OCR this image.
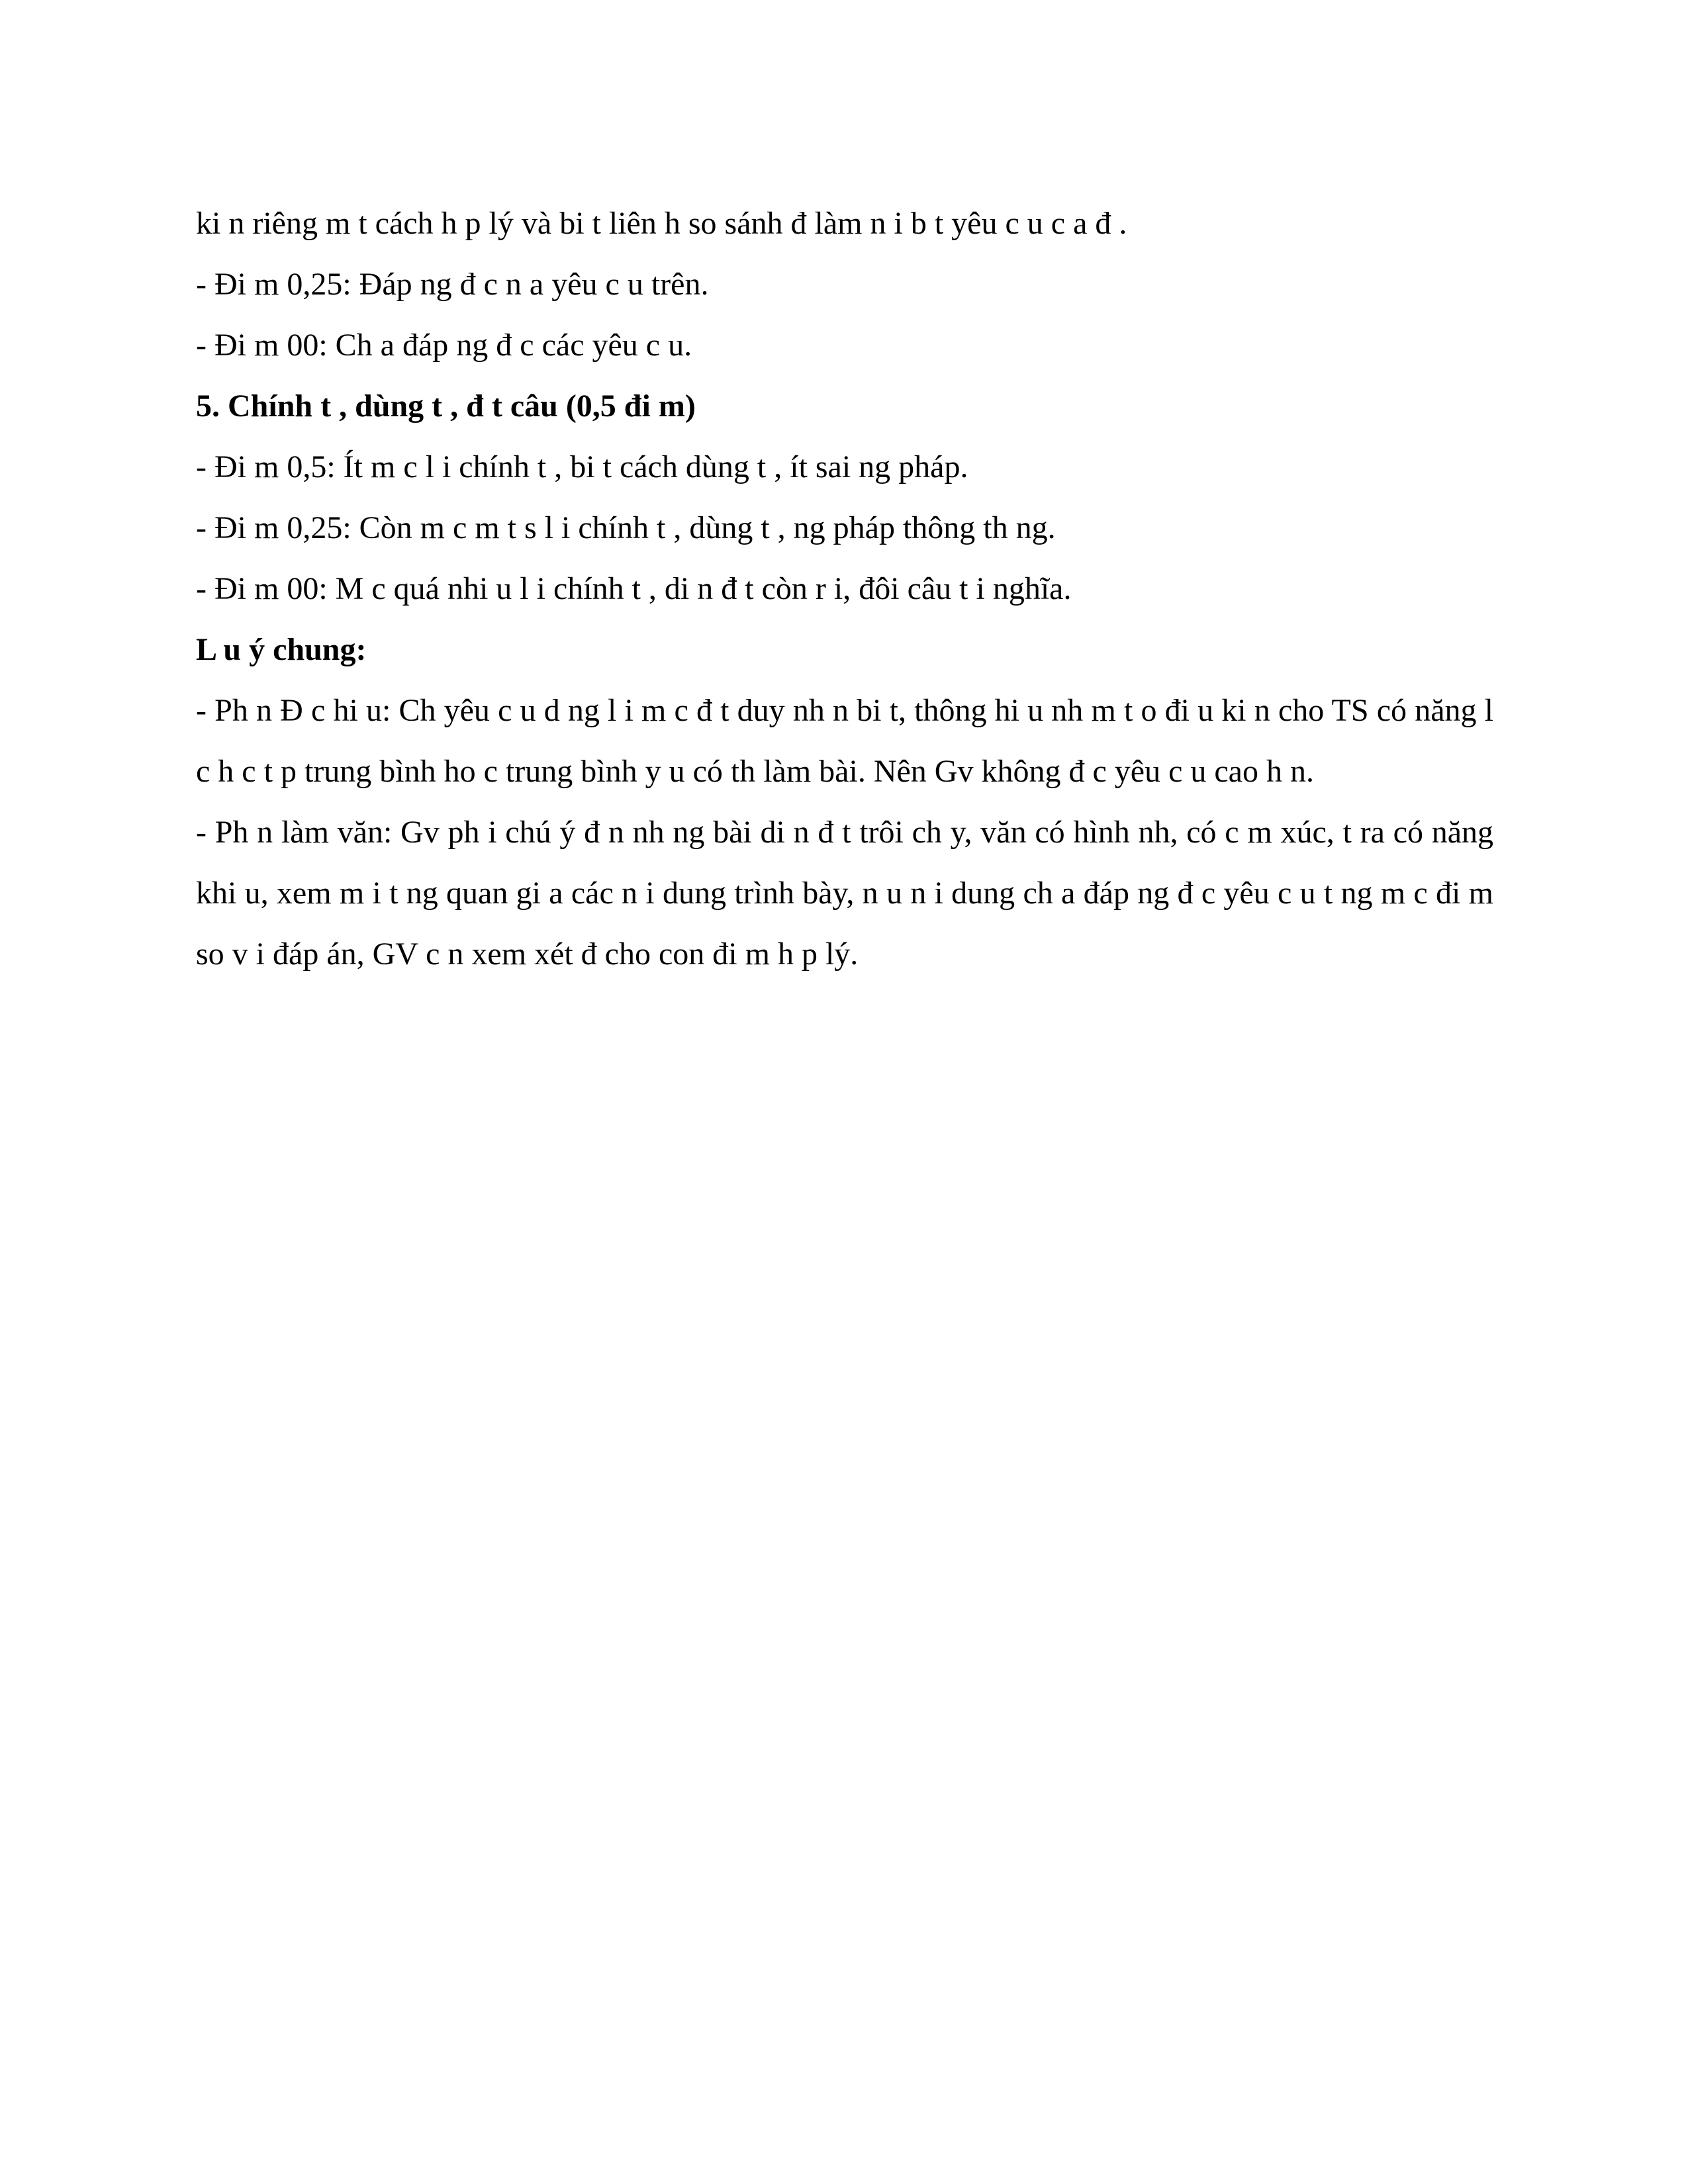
ki n riêng m t cách h p lý và bi t liên h so sánh đ làm n i b t yêu c u c a đ .

- Đi m 0,25: Đáp ng đ c n a yêu c u trên.

- Đi m 00: Ch a đáp ng đ c các yêu c u.

5. Chính t , dùng t , đ t câu (0,5 đi m)

- Đi m 0,5: Ít m c l i chính t , bi t cách dùng t , ít sai ng pháp.

- Đi m 0,25: Còn m c m t s l i chính t , dùng t , ng pháp thông th ng.

- Đi m 00: M c quá nhi u l i chính t , di n đ t còn r i, đôi câu t i nghĩa.

L u ý chung:

- Ph n Đ c hi u: Ch yêu c u d ng l i m c đ t duy nh n bi t, thông hi u nh m t o đi u ki n cho TS có năng l c h c t p trung bình ho c trung bình y u có th làm bài. Nên Gv không đ c yêu c u cao h n.

- Ph n làm văn: Gv ph i chú ý đ n nh ng bài di n đ t trôi ch y, văn có hình nh, có c m xúc, t ra có năng khi u, xem m i t ng quan gi a các n i dung trình bày, n u n i dung ch a đáp ng đ c yêu c u t ng m c đi m so v i đáp án, GV c n xem xét đ cho con đi m h p lý.
